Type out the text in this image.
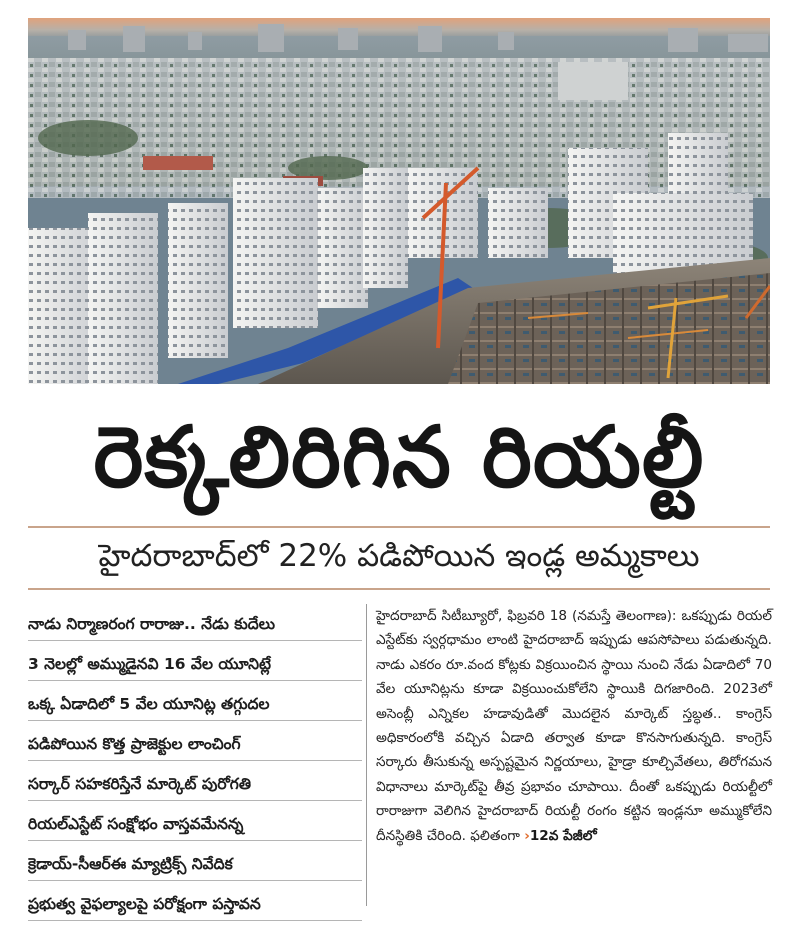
రెక్కలిరిగిన రియల్టీ
హైదరాబాద్‌లో 22% పడిపోయిన ఇండ్ల అమ్మకాలు
నాడు నిర్మాణరంగ రారాజు.. నేడు కుదేలు
3 నెలల్లో అమ్ముడైనవి 16 వేల యూనిట్లే
ఒక్క ఏడాదిలో 5 వేల యూనిట్ల తగ్గుదల
పడిపోయిన కొత్త ప్రాజెక్టుల లాంచింగ్
సర్కార్ సహకరిస్తేనే మార్కెట్ పురోగతి
రియల్ఎస్టేట్ సంక్షోభం వాస్తవమేనన్న
క్రెడాయ్-సీఆర్ఈ మ్యాట్రిక్స్ నివేదిక
ప్రభుత్వ వైఫల్యాలపై పరోక్షంగా పస్తావన

హైదరాబాద్ సిటీబ్యూరో, ఫిబ్రవరి 18 (నమస్తే తెలంగాణ): ఒకప్పుడు రియల్ ఎస్టేట్‌కు స్వర్గధామం లాంటి హైదరాబాద్ ఇప్పుడు ఆపసోపాలు పడుతున్నది. నాడు ఎకరం రూ.వంద కోట్లకు విక్రయించిన స్థాయి నుంచి నేడు ఏడాదిలో 70 వేల యూనిట్లను కూడా విక్రయించుకోలేని స్థాయికి దిగజారింది. 2023లో అసెంబ్లీ ఎన్నికల హడావుడితో మొదలైన మార్కెట్ స్తబ్ధత.. కాంగ్రెస్ అధికారంలోకి వచ్చిన ఏడాది తర్వాత కూడా కొనసాగుతున్నది. కాంగ్రెస్ సర్కారు తీసుకున్న అస్పష్టమైన నిర్ణయాలు, హైడ్రా కూల్చివేతలు, తిరోగమన విధానాలు మార్కెట్‌పై తీవ్ర ప్రభావం చూపాయి. దీంతో ఒకప్పుడు రియల్టీలో రారాజుగా వెలిగిన హైదరాబాద్ రియల్టీ రంగం కట్టిన ఇండ్లనూ అమ్ముకోలేని దీనస్థితికి చేరింది. ఫలితంగా ›12వ పేజీలో
